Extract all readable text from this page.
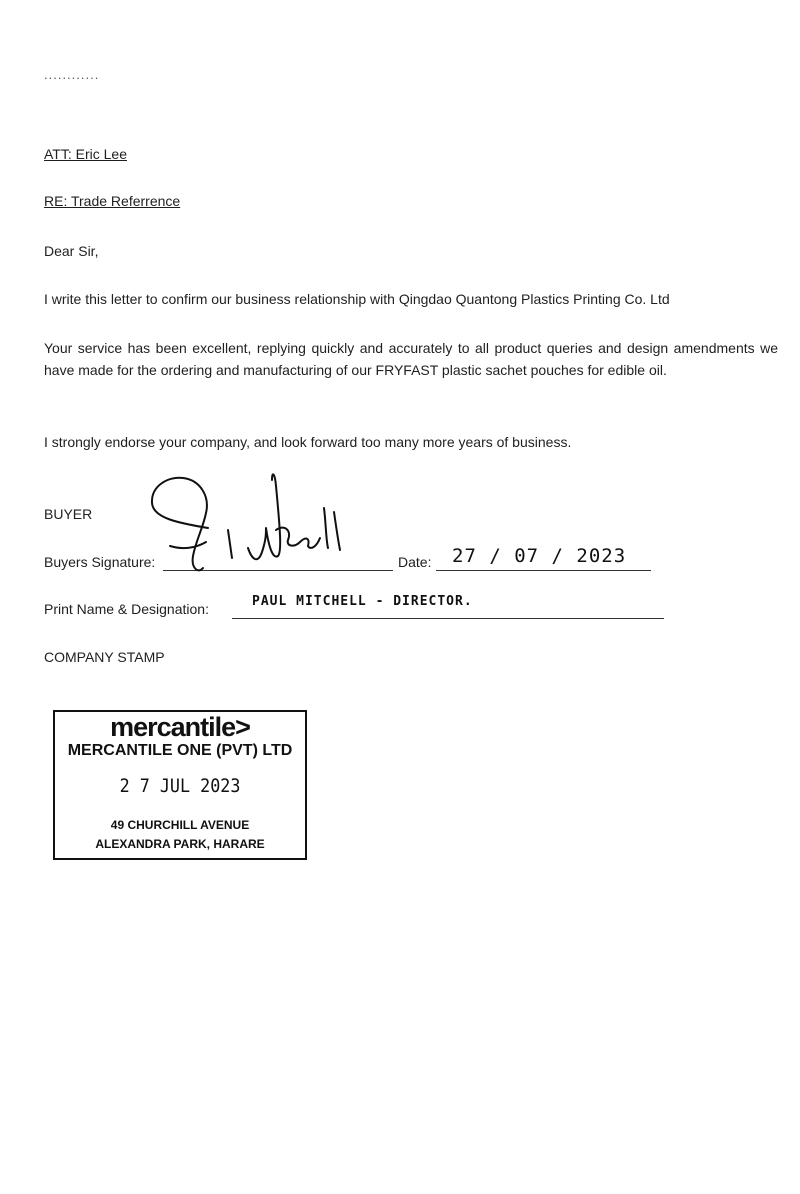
............

ATT: Eric Lee

RE: Trade Referrence

Dear Sir,

I write this letter to confirm our business relationship with Qingdao Quantong Plastics Printing Co. Ltd

Your service has been excellent, replying quickly and accurately to all product queries and design amendments we have made for the ordering and manufacturing of our FRYFAST plastic sachet pouches for edible oil.

I strongly endorse your company, and look forward too many more years of business.

BUYER

Buyers Signature:	Date: 27 / 07 / 2023
Print Name & Designation:	PAUL MITCHELL - DIRECTOR.

COMPANY STAMP

mercantile>
MERCANTILE ONE (PVT) LTD
2 7 JUL 2023
49 CHURCHILL AVENUE
ALEXANDRA PARK, HARARE
